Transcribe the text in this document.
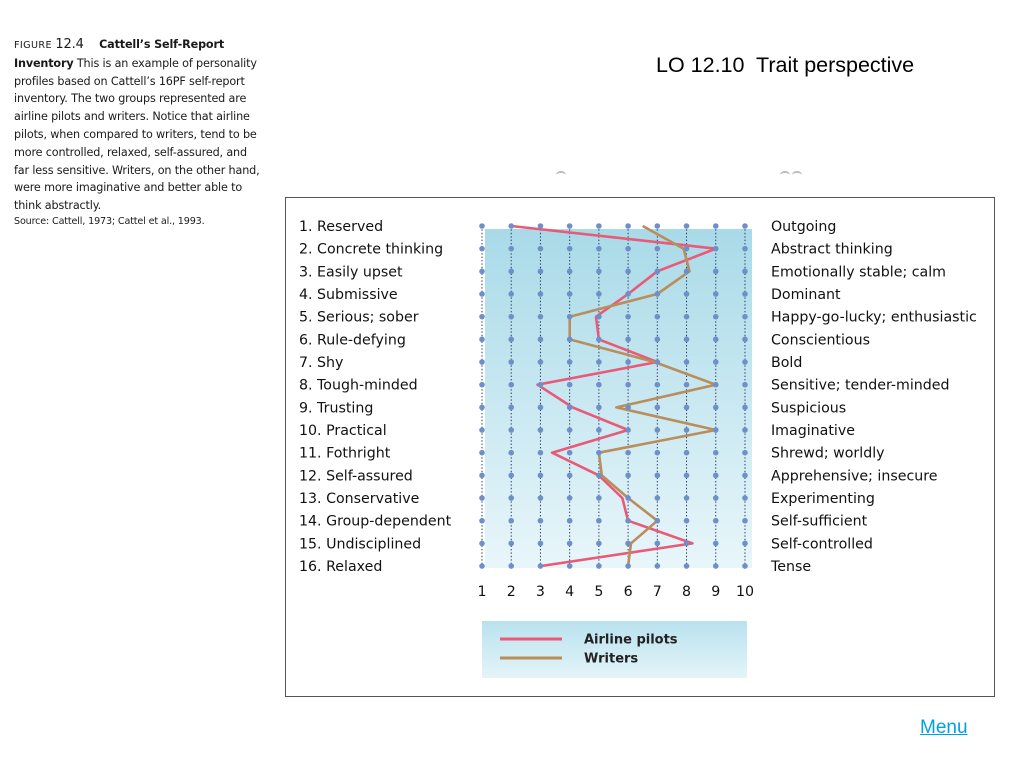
FIGURE 12.4 Cattell’s Self-Report Inventory This is an example of personality profiles based on Cattell’s 16PF self-report inventory. The two groups represented are airline pilots and writers. Notice that airline pilots, when compared to writers, tend to be more controlled, relaxed, self-assured, and far less sensitive. Writers, on the other hand, were more imaginative and better able to think abstractly.
Source: Cattell, 1973; Cattel et al., 1993.
LO 12.10  Trait perspective
1. Reserved
2. Concrete thinking
3. Easily upset
4. Submissive
5. Serious; sober
6. Rule-defying
7. Shy
8. Tough-minded
9. Trusting
10. Practical
11. Fothright
12. Self-assured
13. Conservative
14. Group-dependent
15. Undisciplined
16. Relaxed
Outgoing
Abstract thinking
Emotionally stable; calm
Dominant
Happy-go-lucky; enthusiastic
Conscientious
Bold
Sensitive; tender-minded
Suspicious
Imaginative
Shrewd; worldly
Apprehensive; insecure
Experimenting
Self-sufficient
Self-controlled
Tense
1 2 3 4 5 6 7 8 9 10
Airline pilots
Writers
Menu
